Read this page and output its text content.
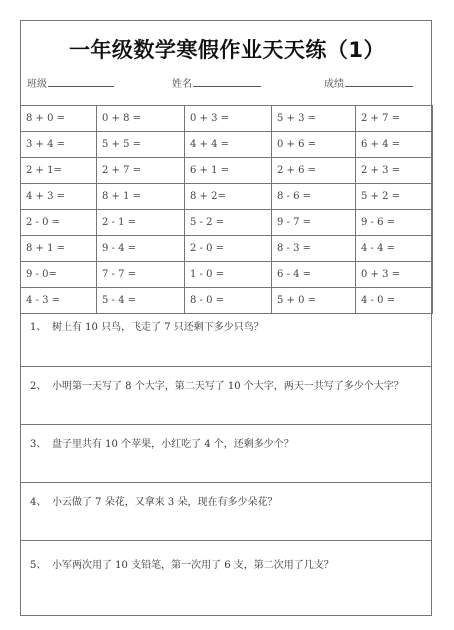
一年级数学寒假作业天天练（1）
班级	姓名	成绩
8 + 0 =	0 + 8 =	0 + 3 =	5 + 3 =	2 + 7 =
3 + 4 =	5 + 5 =	4 + 4 =	0 + 6 =	6 + 4 =
2 + 1=	2 + 7 =	6 + 1 =	2 + 6 =	2 + 3 =
4 + 3 =	8 + 1 =	8 + 2=	8 - 6 =	5 + 2 =
2 - 0 =	2 - 1 =	5 - 2 =	9 - 7 =	9 - 6 =
8 + 1 =	9 - 4 =	2 - 0 =	8 - 3 =	4 - 4 =
9 - 0=	7 - 7 =	1 - 0 =	6 - 4 =	0 + 3 =
4 - 3 =	5 - 4 =	8 - 0 =	5 + 0 =	4 - 0 =
1、 树上有 10 只鸟，飞走了 7 只还剩下多少只鸟？
2、 小明第一天写了 8 个大字，第二天写了 10 个大字，两天一共写了多少个大字？
3、 盘子里共有 10 个苹果，小红吃了 4 个，还剩多少个？
4、 小云做了 7 朵花，又拿来 3 朵，现在有多少朵花？
5、 小军两次用了 10 支铅笔，第一次用了 6 支，第二次用了几支？
